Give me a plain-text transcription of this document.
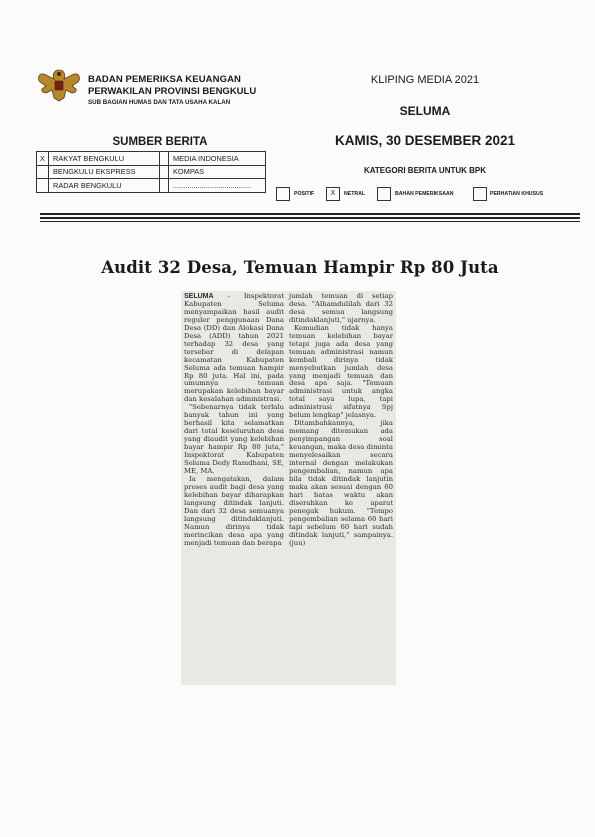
BADAN PEMERIKSA KEUANGAN
PERWAKILAN PROVINSI BENGKULU
SUB BAGIAN HUMAS DAN TATA USAHA KALAN
KLIPING MEDIA 2021
SELUMA
KAMIS, 30 DESEMBER 2021
SUMBER BERITA
X	RAKYAT BENGKULU		MEDIA INDONESIA
	BENGKULU EKSPRESS		KOMPAS
	RADAR BENGKULU		......................................
KATEGORI BERITA UNTUK BPK
POSITIF	X	NETRAL	BAHAN PEMERIKSAAN	PERHATIAN KHUSUS
Audit 32 Desa, Temuan Hampir Rp 80 Juta

SELUMA - Inspektorat Kabupaten Seluma menyampaikan hasil audit reguler penggunaan Dana Desa (DD) dan Alokasi Dana Desa (ADD) tahun 2021 terhadap 32 desa yang tersebar di delapan kecamatan Kabupaten Seluma ada temuan hampir Rp 80 juta. Hal ini, pada umumnya temuan merupakan kelebihan bayar dan kesalahan administrasi.

"Sebenarnya tidak terlalu banyak tahun ini yang berhasil kita selamatkan dari total keseluruhan desa yang diaudit yang kelebihan bayar hampir Rp 80 juta," Inspektorat Kabupaten Seluma Dedy Ramdhani, SE, ME, MA.

Ia mengatakan, dalam proses audit bagi desa yang kelebihan bayar diharapkan langsung ditindak lanjuti. Dan dari 32 desa semuanya langsung ditindaklanjuti. Namun dirinya tidak merincikan desa apa yang menjadi temuan dan berapa

jumlah temuan di setiap desa. "Alhamdulilah dari 32 desa semua langsung ditindaklanjuti," ujarnya.

Kemudian tidak hanya temuan kelebihan bayar tetapi juga ada desa yang temuan administrasi namun kembali dirinya tidak menyebutkan jumlah desa yang menjadi temuan dan desa apa saja. "Temuan administrasi untuk angka total saya lupa, tapi administrasi sifatnya Spj belum lengkap" jelasnya.

Ditambahkannya, jika memang ditemukan ada penyimpangan soal keuangan, maka desa diminta menyelesaikan secara internal dengan melakukan pengembalian, namun apa bila tidak ditindak lanjutin maka akan sesuai dengan 60 hari batas waktu akan diserahkan ke aparat penegak hukum. "Tempo pengembalian selama 60 hari tapi sebelum 60 hari sudah ditindak lanjuti," sampainya. (juu)
